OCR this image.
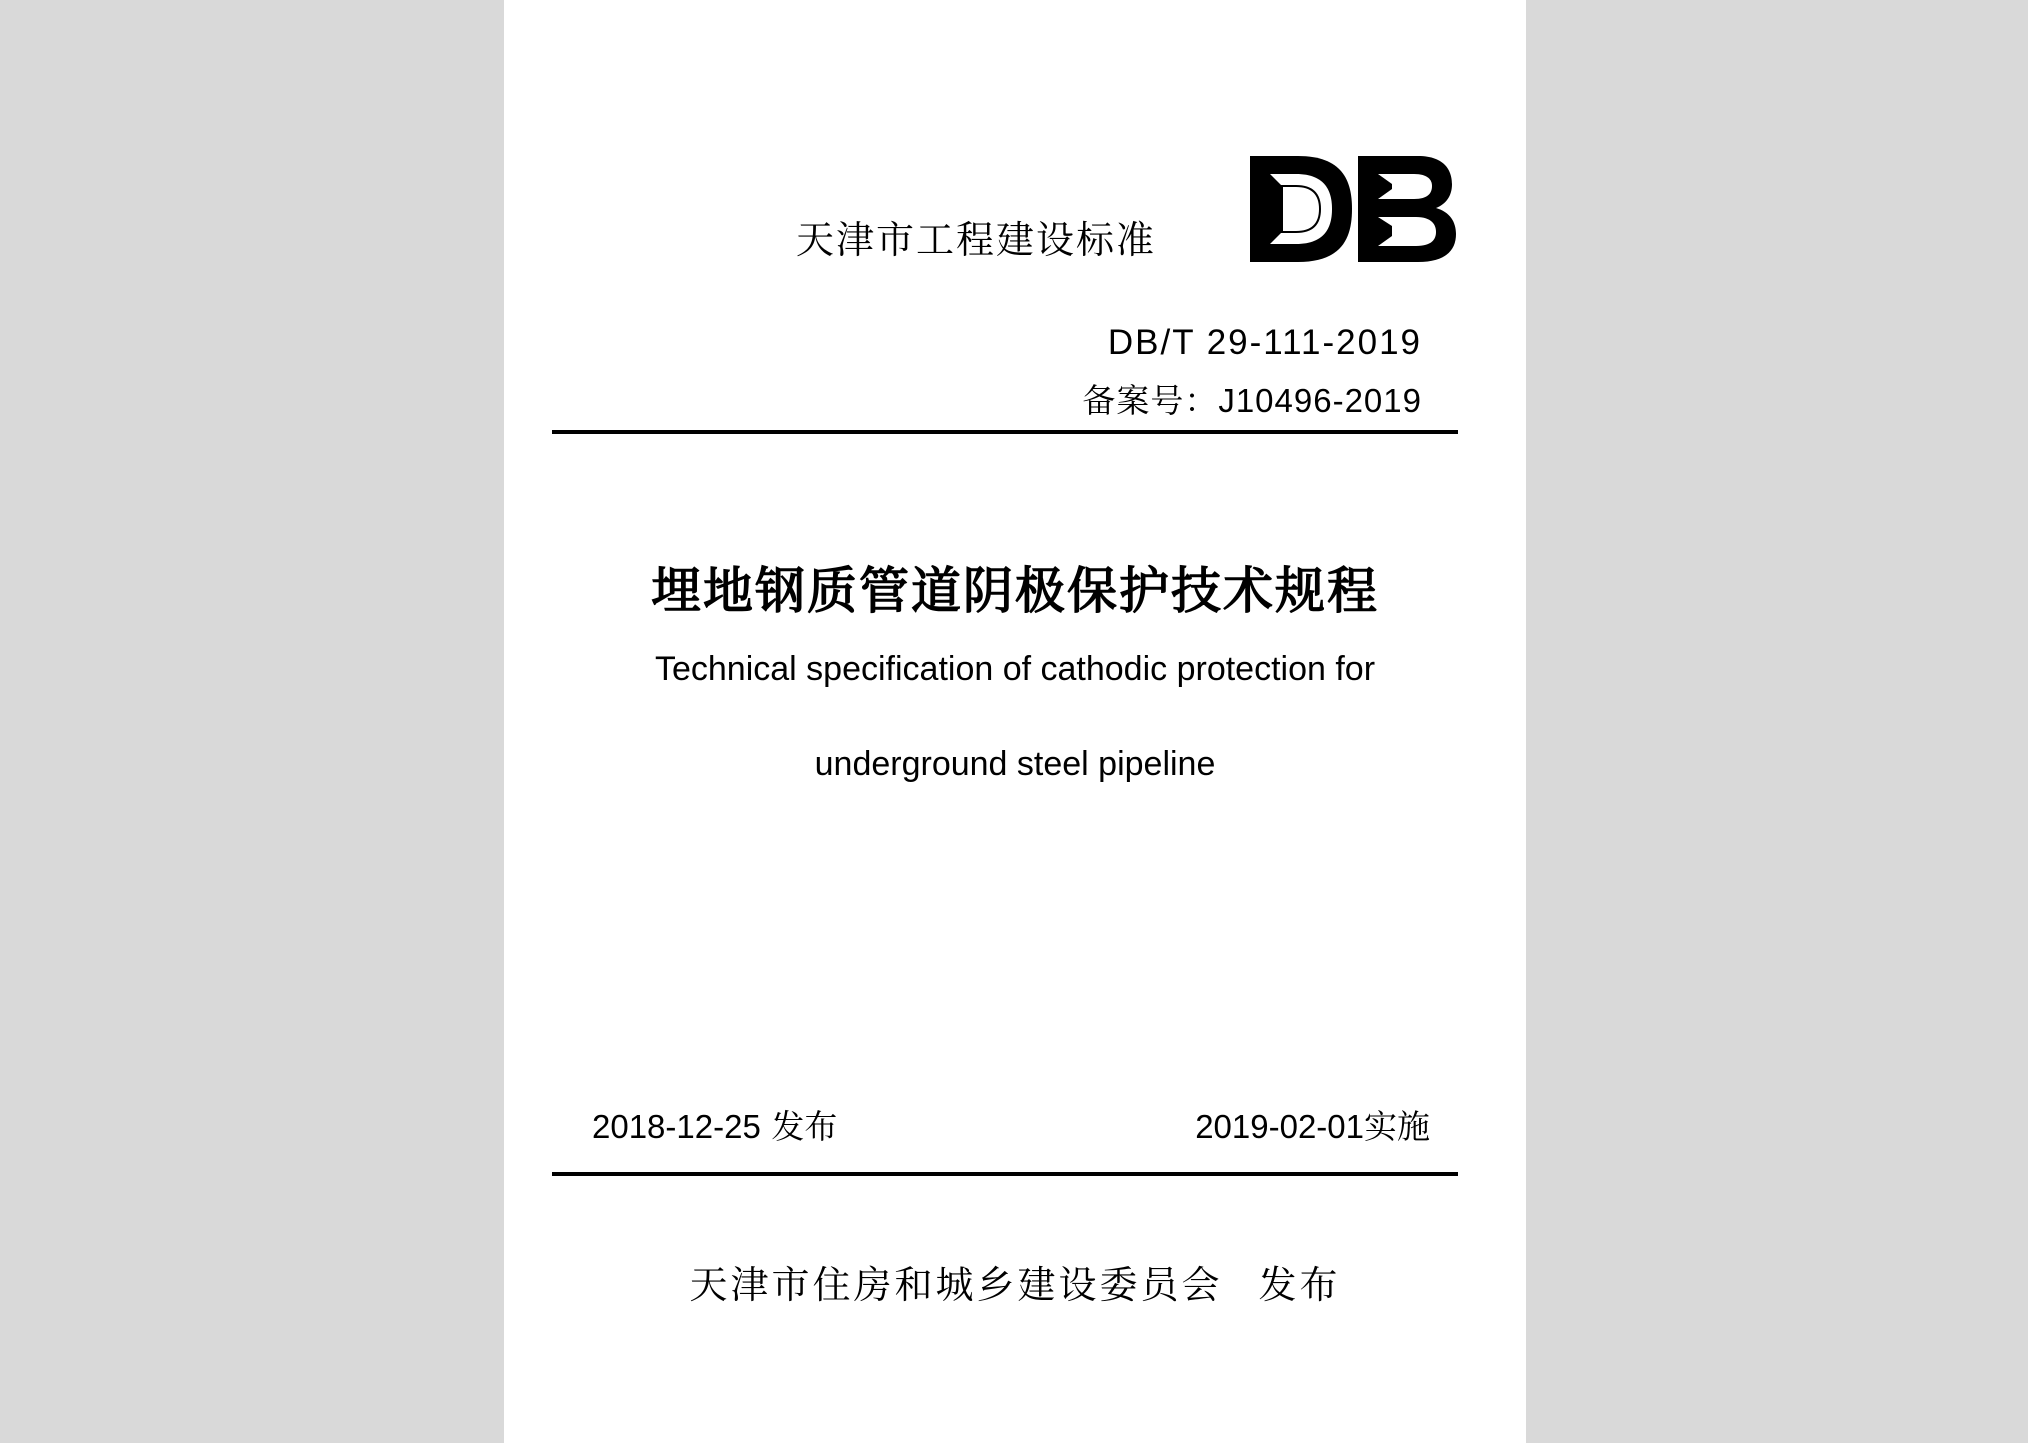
天津市工程建设标准
DB/T 29-111-2019
备案号：J10496-2019
埋地钢质管道阴极保护技术规程
Technical specification of cathodic protection for
underground steel pipeline
2018-12-25 发布	2019-02-01实施
天津市住房和城乡建设委员会 发布
